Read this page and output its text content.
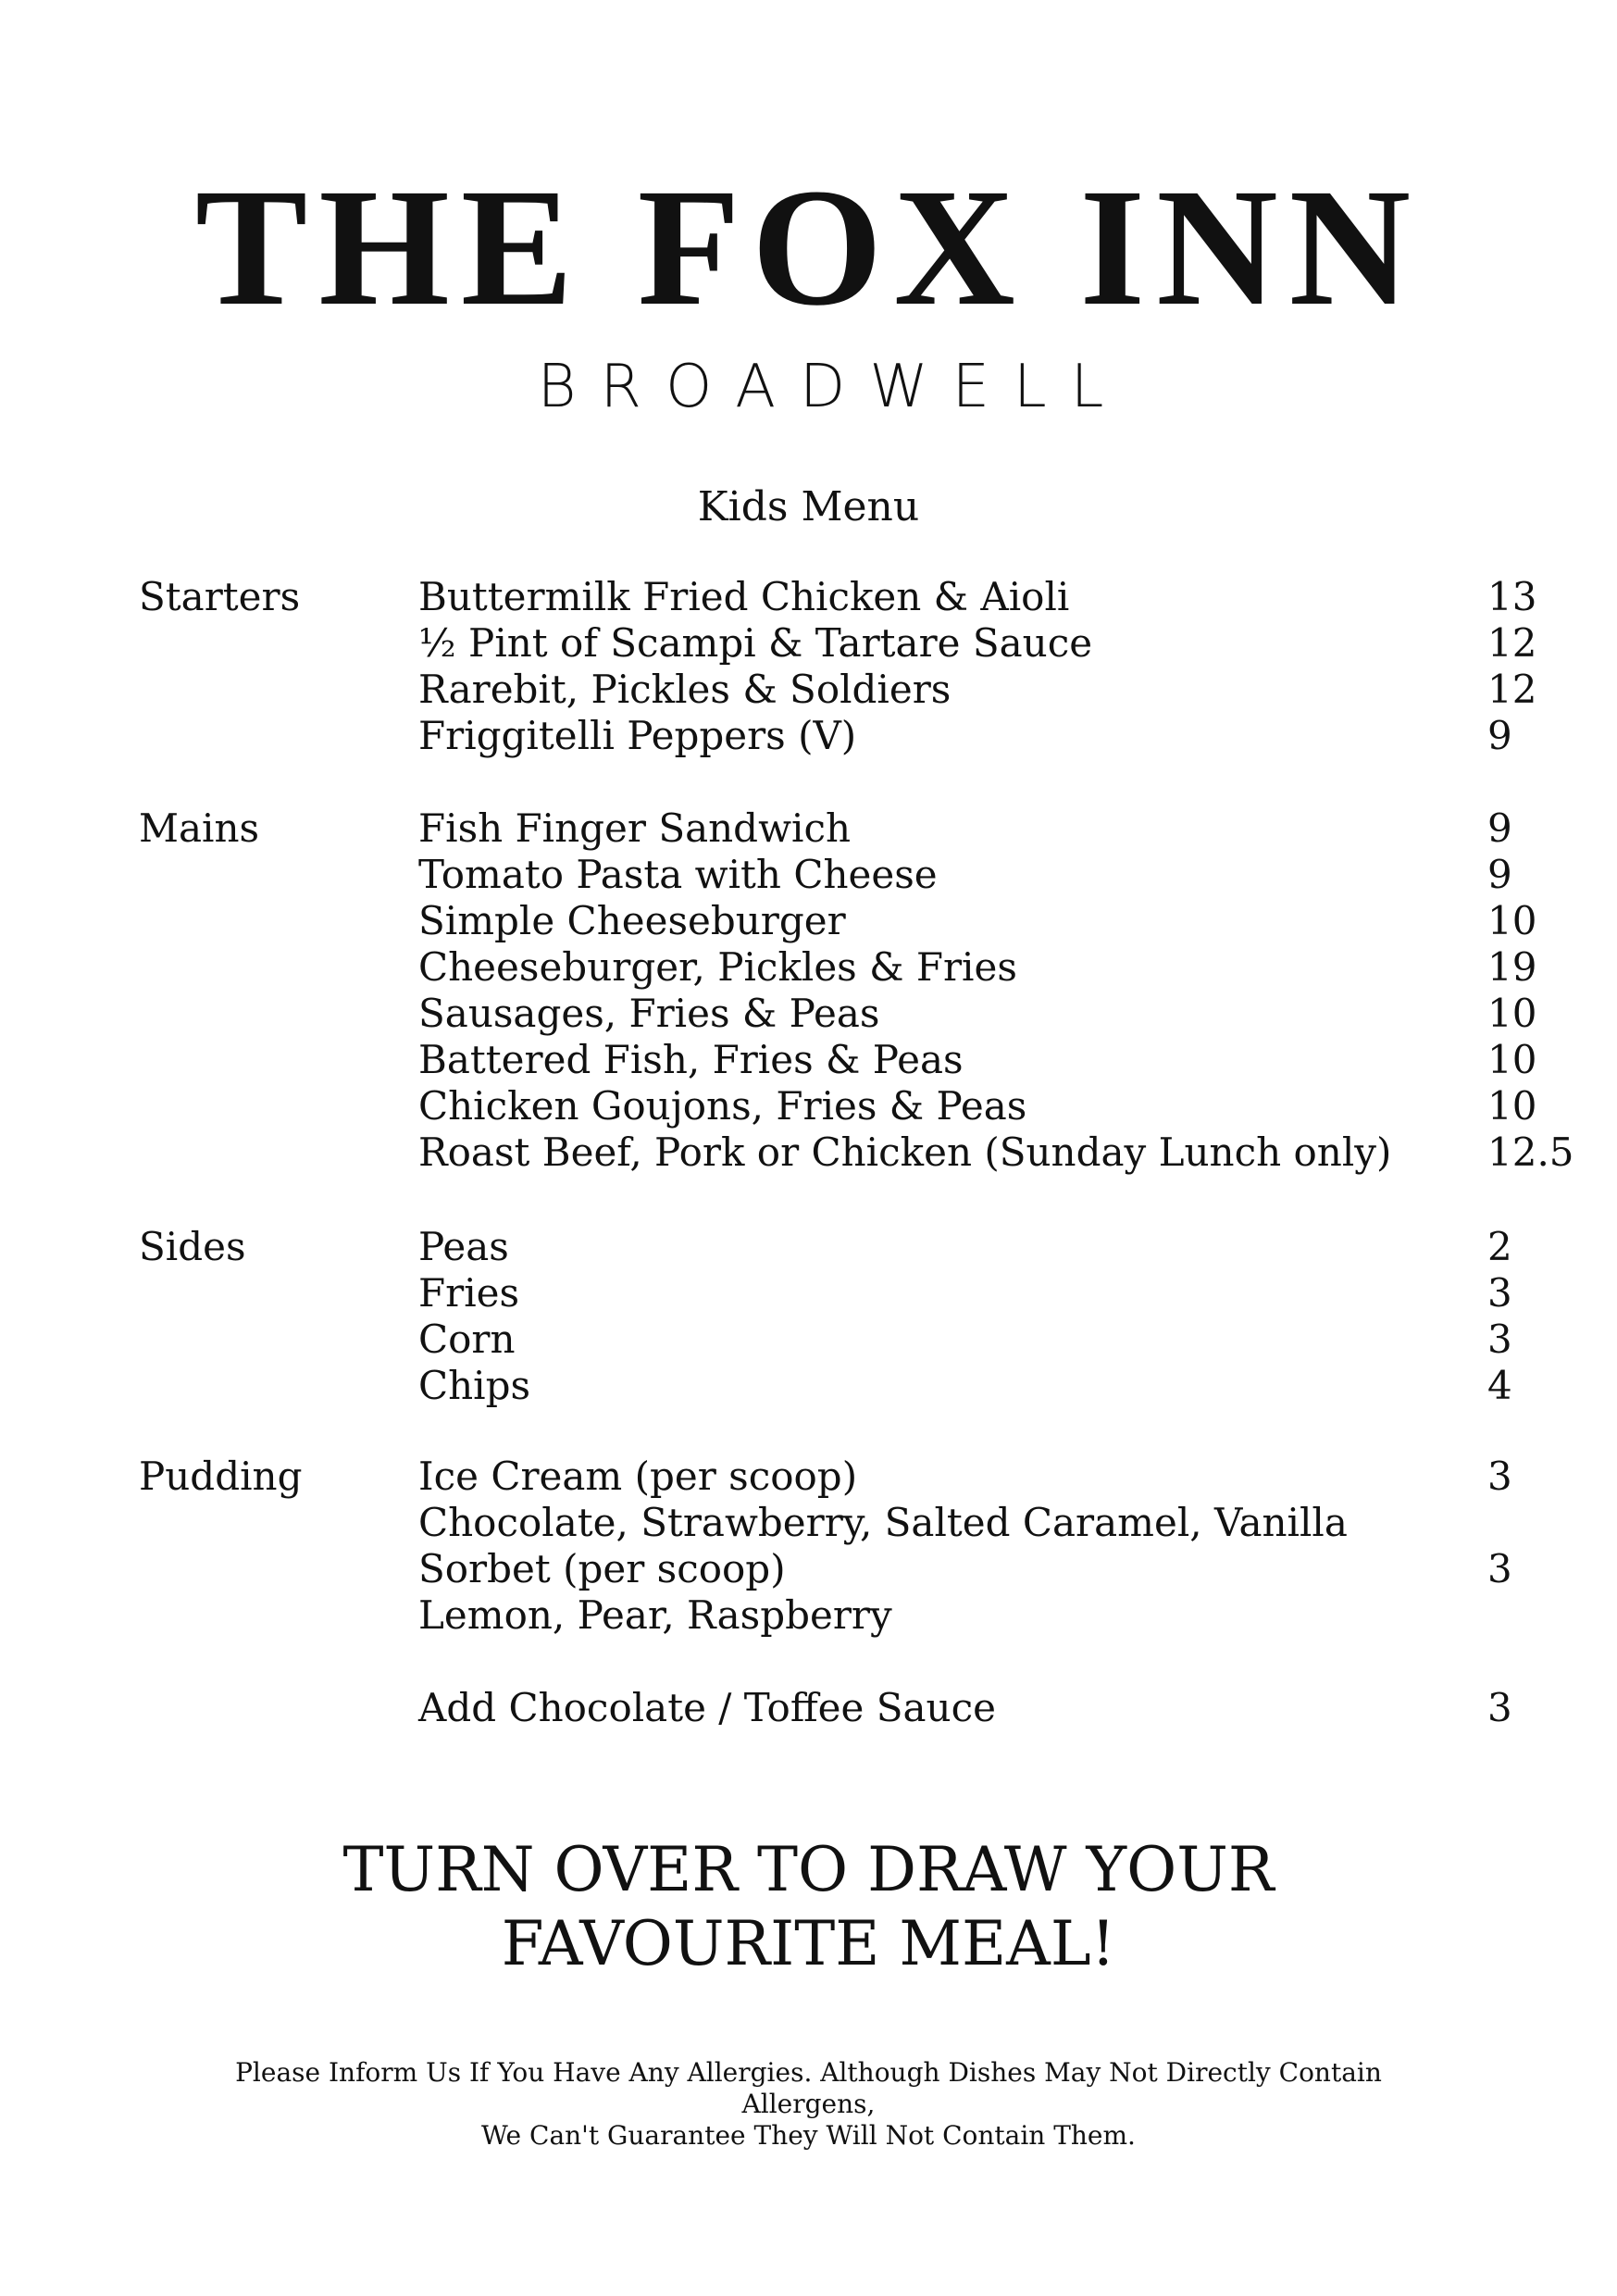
THE FOX INN
BROADWELL
Kids Menu
Starters	Buttermilk Fried Chicken & Aioli	13
½ Pint of Scampi & Tartare Sauce	12
Rarebit, Pickles & Soldiers	12
Friggitelli Peppers (V)	9
Mains	Fish Finger Sandwich	9
Tomato Pasta with Cheese	9
Simple Cheeseburger	10
Cheeseburger, Pickles & Fries	19
Sausages, Fries & Peas	10
Battered Fish, Fries & Peas	10
Chicken Goujons, Fries & Peas	10
Roast Beef, Pork or Chicken (Sunday Lunch only) 12.5
Sides	Peas	2
Fries	3
Corn	3
Chips	4
Pudding	Ice Cream (per scoop)	3
Chocolate, Strawberry, Salted Caramel, Vanilla
Sorbet (per scoop)	3
Lemon, Pear, Raspberry
Add Chocolate / Toffee Sauce	3
TURN OVER TO DRAW YOUR
FAVOURITE MEAL!
Please Inform Us If You Have Any Allergies. Although Dishes May Not Directly Contain
Allergens,
We Can't Guarantee They Will Not Contain Them.
